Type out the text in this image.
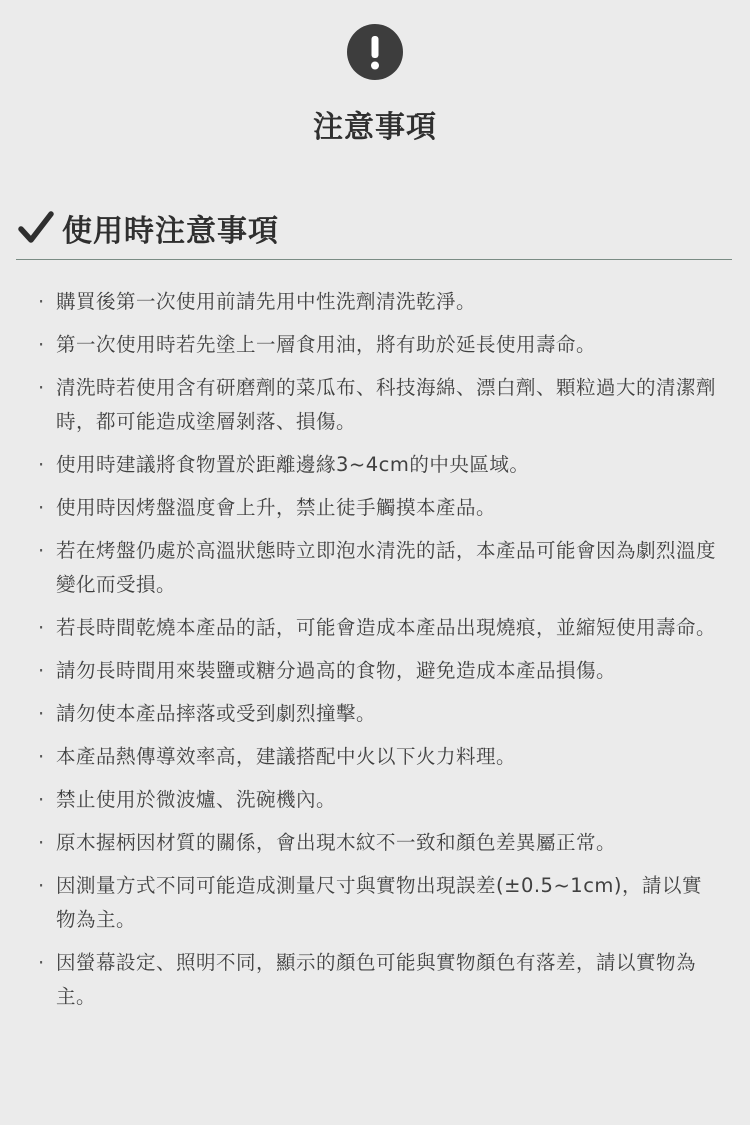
注意事項
使用時注意事項
· 購買後第一次使用前請先用中性洗劑清洗乾淨。
· 第一次使用時若先塗上一層食用油，將有助於延長使用壽命。
· 清洗時若使用含有研磨劑的菜瓜布、科技海綿、漂白劑、顆粒過大的清潔劑時，都可能造成塗層剝落、損傷。
· 使用時建議將食物置於距離邊緣3~4cm的中央區域。
· 使用時因烤盤溫度會上升，禁止徒手觸摸本產品。
· 若在烤盤仍處於高溫狀態時立即泡水清洗的話，本產品可能會因為劇烈溫度變化而受損。
· 若長時間乾燒本產品的話，可能會造成本產品出現燒痕，並縮短使用壽命。
· 請勿長時間用來裝鹽或糖分過高的食物，避免造成本產品損傷。
· 請勿使本產品摔落或受到劇烈撞擊。
· 本產品熱傳導效率高，建議搭配中火以下火力料理。
· 禁止使用於微波爐、洗碗機內。
· 原木握柄因材質的關係，會出現木紋不一致和顏色差異屬正常。
· 因測量方式不同可能造成測量尺寸與實物出現誤差(±0.5~1cm)，請以實物為主。
· 因螢幕設定、照明不同，顯示的顏色可能與實物顏色有落差，請以實物為主。
